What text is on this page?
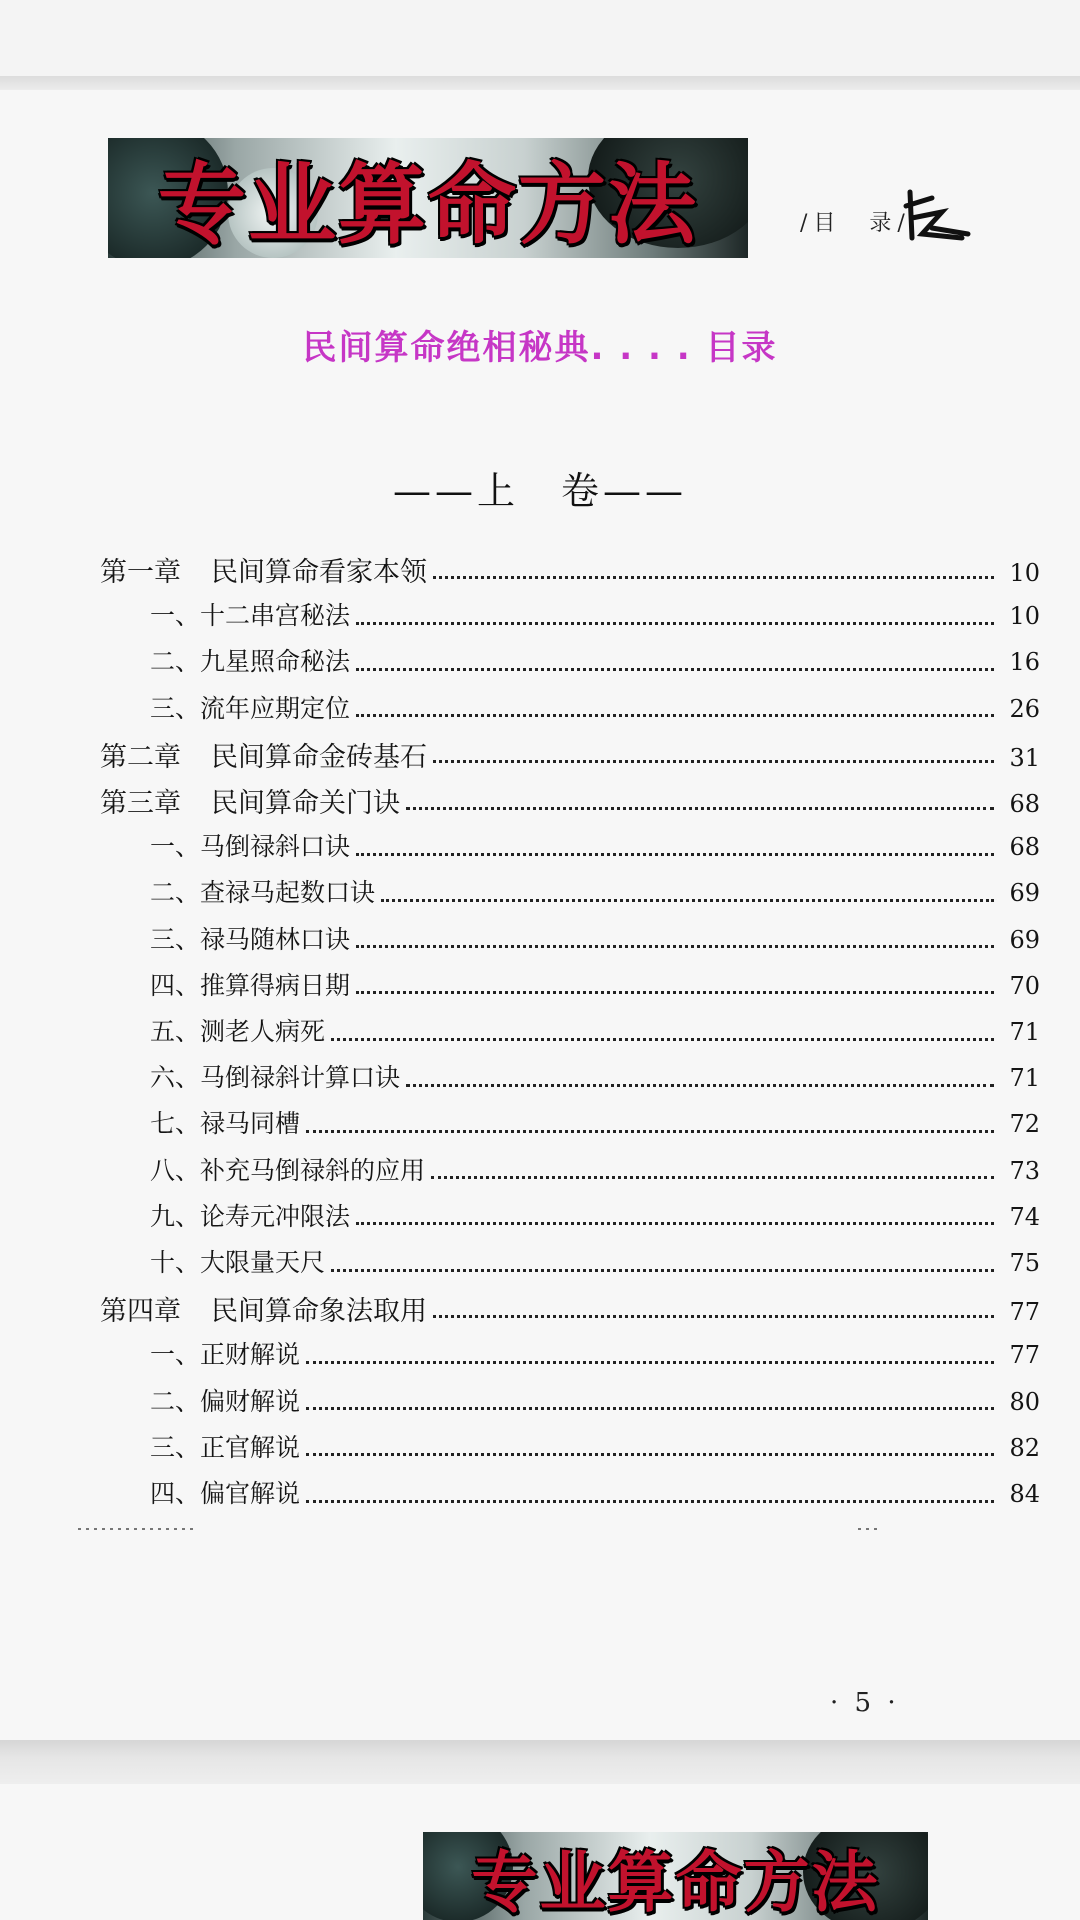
专业算命方法	/目　录/
民间算命绝相秘典. . . . 目录
——上　卷——
第一章 民间算命看家本领	10
一、 十二串宫秘法	10
二、 九星照命秘法	16
三、 流年应期定位	26
第二章 民间算命金砖基石	31
第三章 民间算命关门诀	68
一、 马倒禄斜口诀	68
二、 查禄马起数口诀	69
三、 禄马随林口诀	69
四、 推算得病日期	70
五、 测老人病死	71
六、 马倒禄斜计算口诀	71
七、 禄马同槽	72
八、 补充马倒禄斜的应用	73
九、 论寿元冲限法	74
十、 大限量天尺	75
第四章 民间算命象法取用	77
一、 正财解说	77
二、 偏财解说	80
三、 正官解说	82
四、 偏官解说	84
· 5 ·
专业算命方法
